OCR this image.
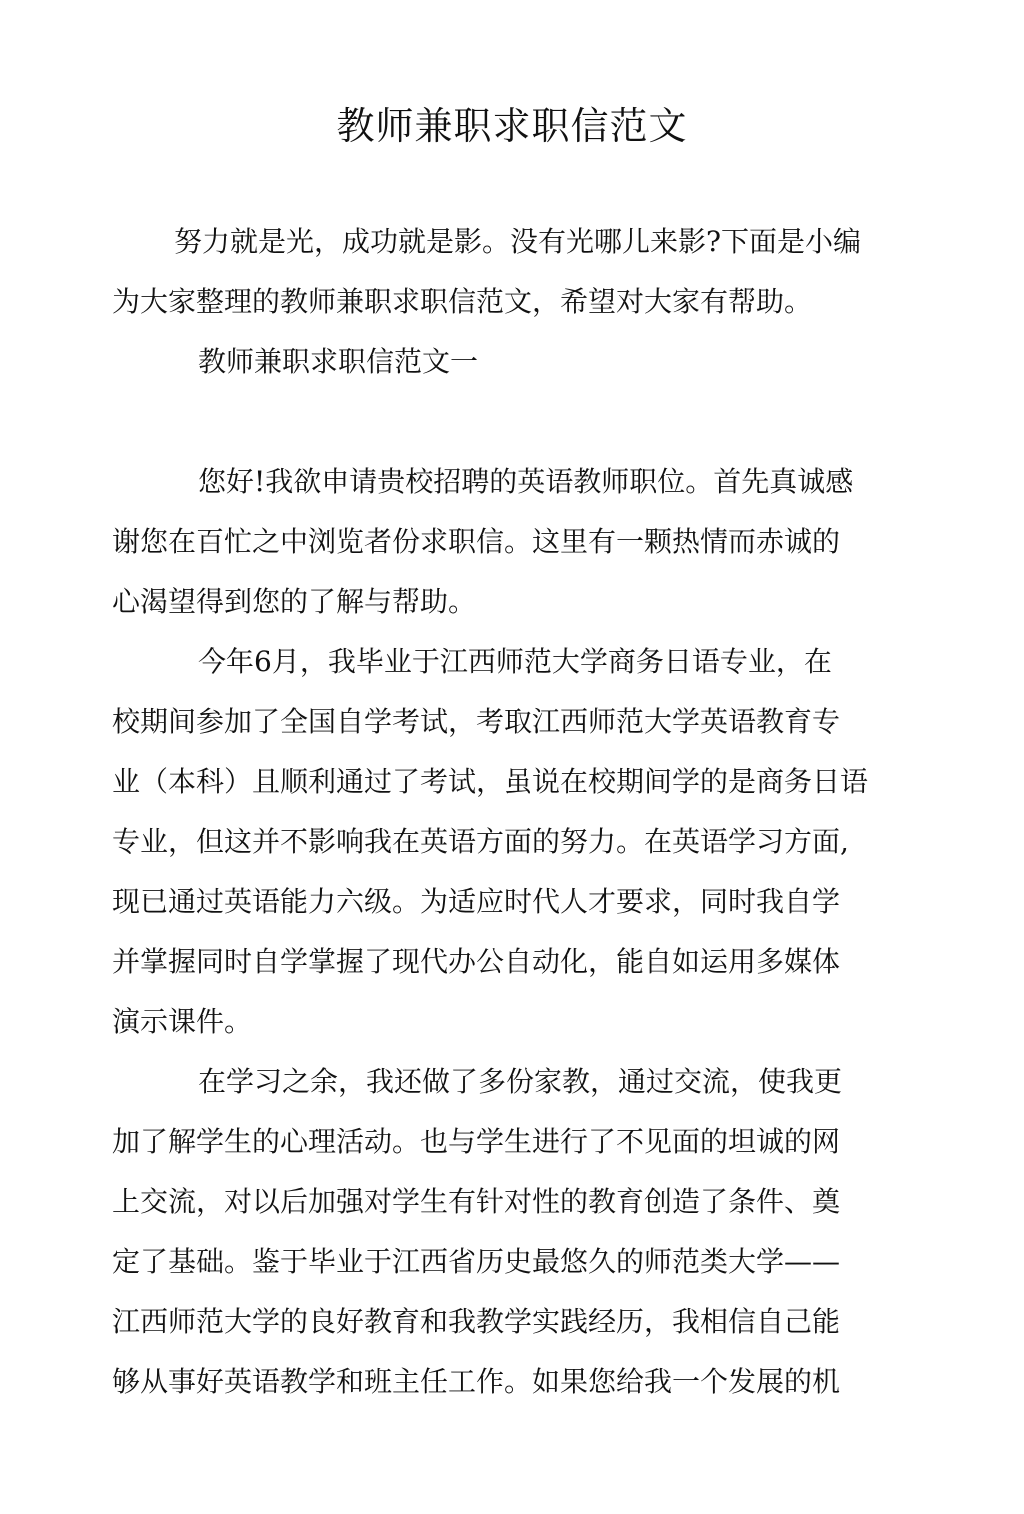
教师兼职求职信范文

努力就是光，成功就是影。没有光哪儿来影?下面是小编

为大家整理的教师兼职求职信范文，希望对大家有帮助。

教师兼职求职信范文一

您好!我欲申请贵校招聘的英语教师职位。首先真诚感

谢您在百忙之中浏览者份求职信。这里有一颗热情而赤诚的

心渴望得到您的了解与帮助。

今年6月，我毕业于江西师范大学商务日语专业，在

校期间参加了全国自学考试，考取江西师范大学英语教育专

业（本科）且顺利通过了考试，虽说在校期间学的是商务日语

专业，但这并不影响我在英语方面的努力。在英语学习方面,

现已通过英语能力六级。为适应时代人才要求，同时我自学

并掌握同时自学掌握了现代办公自动化，能自如运用多媒体

演示课件。

在学习之余，我还做了多份家教，通过交流，使我更

加了解学生的心理活动。也与学生进行了不见面的坦诚的网

上交流，对以后加强对学生有针对性的教育创造了条件、奠

定了基础。鉴于毕业于江西省历史最悠久的师范类大学——

江西师范大学的良好教育和我教学实践经历，我相信自己能

够从事好英语教学和班主任工作。如果您给我一个发展的机
